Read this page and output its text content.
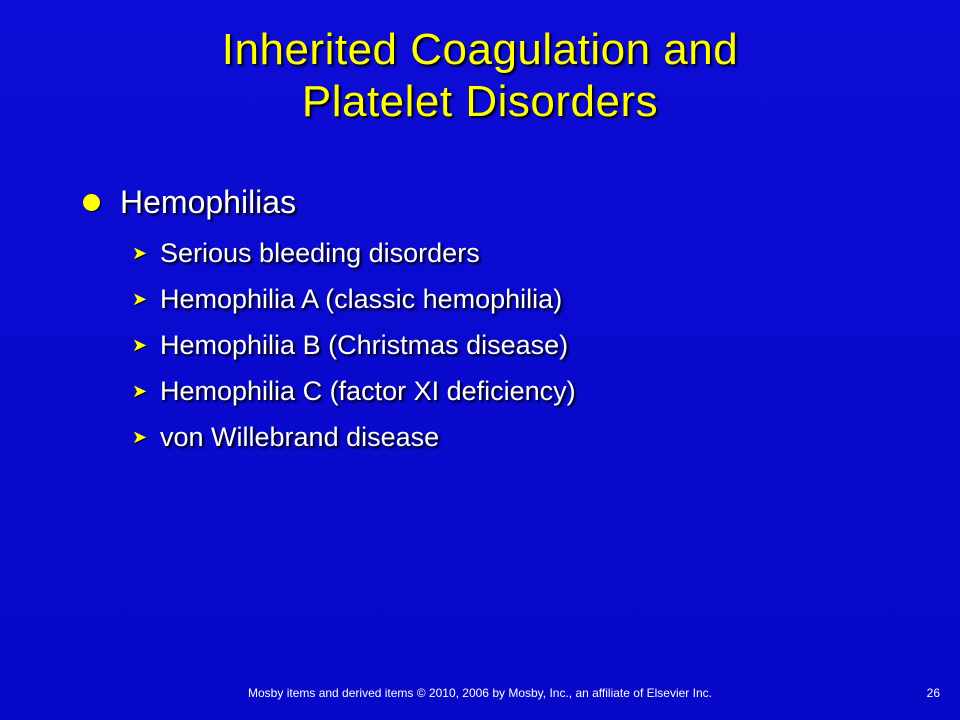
Inherited Coagulation and
Platelet Disorders
Hemophilias
➤ Serious bleeding disorders
➤ Hemophilia A (classic hemophilia)
➤ Hemophilia B (Christmas disease)
➤ Hemophilia C (factor XI deficiency)
➤ von Willebrand disease
Mosby items and derived items © 2010, 2006 by Mosby, Inc., an affiliate of Elsevier Inc.	26
